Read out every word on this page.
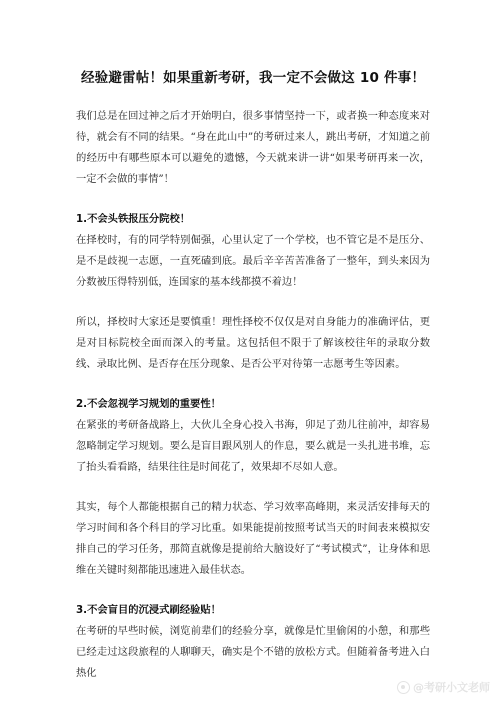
经验避雷帖！如果重新考研，我一定不会做这 10 件事！

我们总是在回过神之后才开始明白，很多事情坚持一下，或者换一种态度来对待，就会有不同的结果。“身在此山中”的考研过来人，跳出考研，才知道之前的经历中有哪些原本可以避免的遗憾，今天就来讲一讲“如果考研再来一次，一定不会做的事情”！

1.不会头铁报压分院校！

在择校时，有的同学特别倔强，心里认定了一个学校，也不管它是不是压分、是不是歧视一志愿，一直死磕到底。最后辛辛苦苦准备了一整年，到头来因为分数被压得特别低，连国家的基本线都摸不着边！

所以，择校时大家还是要慎重！理性择校不仅仅是对自身能力的准确评估，更是对目标院校全面而深入的考量。这包括但不限于了解该校往年的录取分数线、录取比例、是否存在压分现象、是否公平对待第一志愿考生等因素。

2.不会忽视学习规划的重要性！

在紧张的考研备战路上，大伙儿全身心投入书海，卯足了劲儿往前冲，却容易忽略制定学习规划。要么是盲目跟风别人的作息，要么就是一头扎进书堆，忘了抬头看看路，结果往往是时间花了，效果却不尽如人意。

其实，每个人都能根据自己的精力状态、学习效率高峰期，来灵活安排每天的学习时间和各个科目的学习比重。如果能提前按照考试当天的时间表来模拟安排自己的学习任务，那简直就像是提前给大脑设好了“考试模式”，让身体和思维在关键时刻都能迅速进入最佳状态。

3.不会盲目的沉浸式刷经验贴！

在考研的早些时候，浏览前辈们的经验分享，就像是忙里偷闲的小憩，和那些已经走过这段旅程的人聊聊天，确实是个不错的放松方式。但随着备考进入白热化

@考研小文老师
